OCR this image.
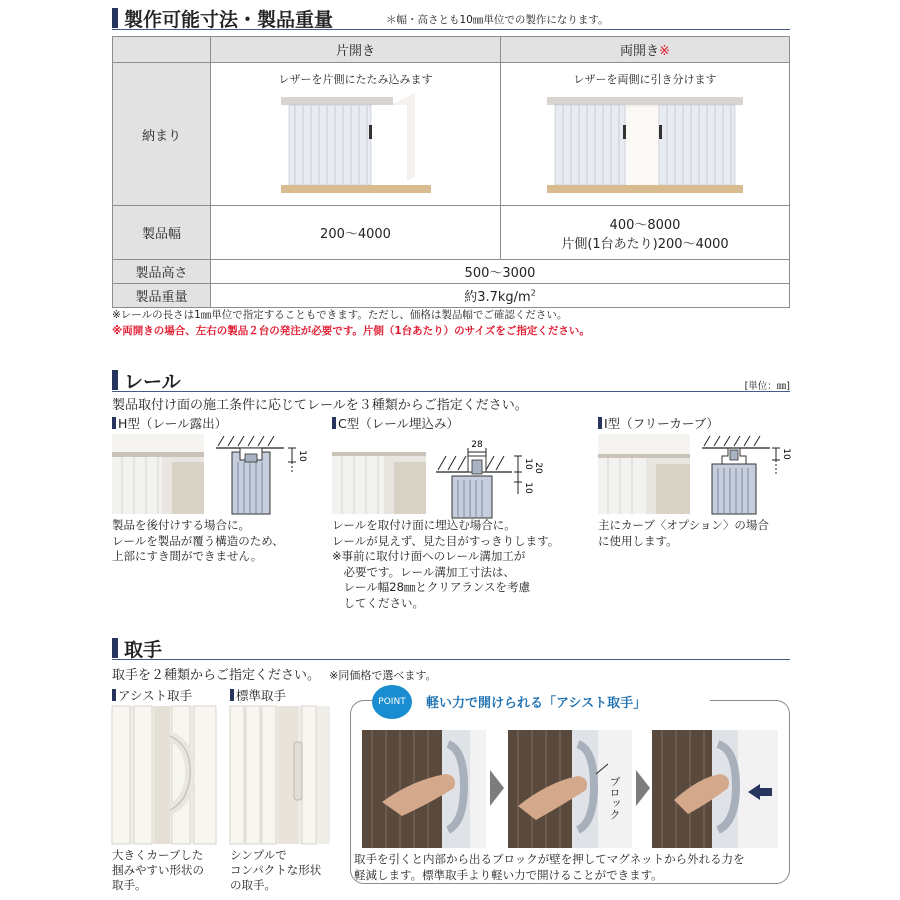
製作可能寸法・製品重量	＊幅・高さとも10㎜単位での製作になります。
	片開き	両開き※
納まり	レザーを片側にたたみ込みます	レザーを両側に引き分けます

製品幅	200～4000	400～8000
片側(1台あたり)200～4000

製品高さ	500～3000	
製品重量	約$3.7kg/m^2$
※レールの長さは1㎜単位で指定することもできます。ただし、価格は製品幅でご確認ください。
※両開きの場合、左右の製品２台の発注が必要です。片側（1台あたり）のサイズをご指定ください。
レール	[単位：㎜]
製品取付け面の施工条件に応じてレールを３種類からご指定ください。
H型（レール露出）
10
製品を後付けする場合に。
レールを製品が覆う構造のため、
上部にすき間ができません。
C型（レール埋込み）
28
10 20
10
レールを取付け面に埋込む場合に。
レールが見えず、見た目がすっきりします。
※事前に取付け面へのレール溝加工が
　必要です。レール溝加工寸法は、
　レール幅28㎜とクリアランスを考慮
　してください。
I型（フリーカーブ）
10
主にカーブ〈オプション〉の場合
に使用します。
取手
取手を２種類からご指定ください。 ※同価格で選べます。
アシスト取手	標準取手
大きくカーブした
掴みやすい形状の
取手。
シンプルで
コンパクトな形状
の取手。
POINT	軽い力で開けられる「アシスト取手」
ブロック
取手を引くと内部から出るブロックが壁を押してマグネットから外れる力を
軽減します。標準取手より軽い力で開けることができます。
